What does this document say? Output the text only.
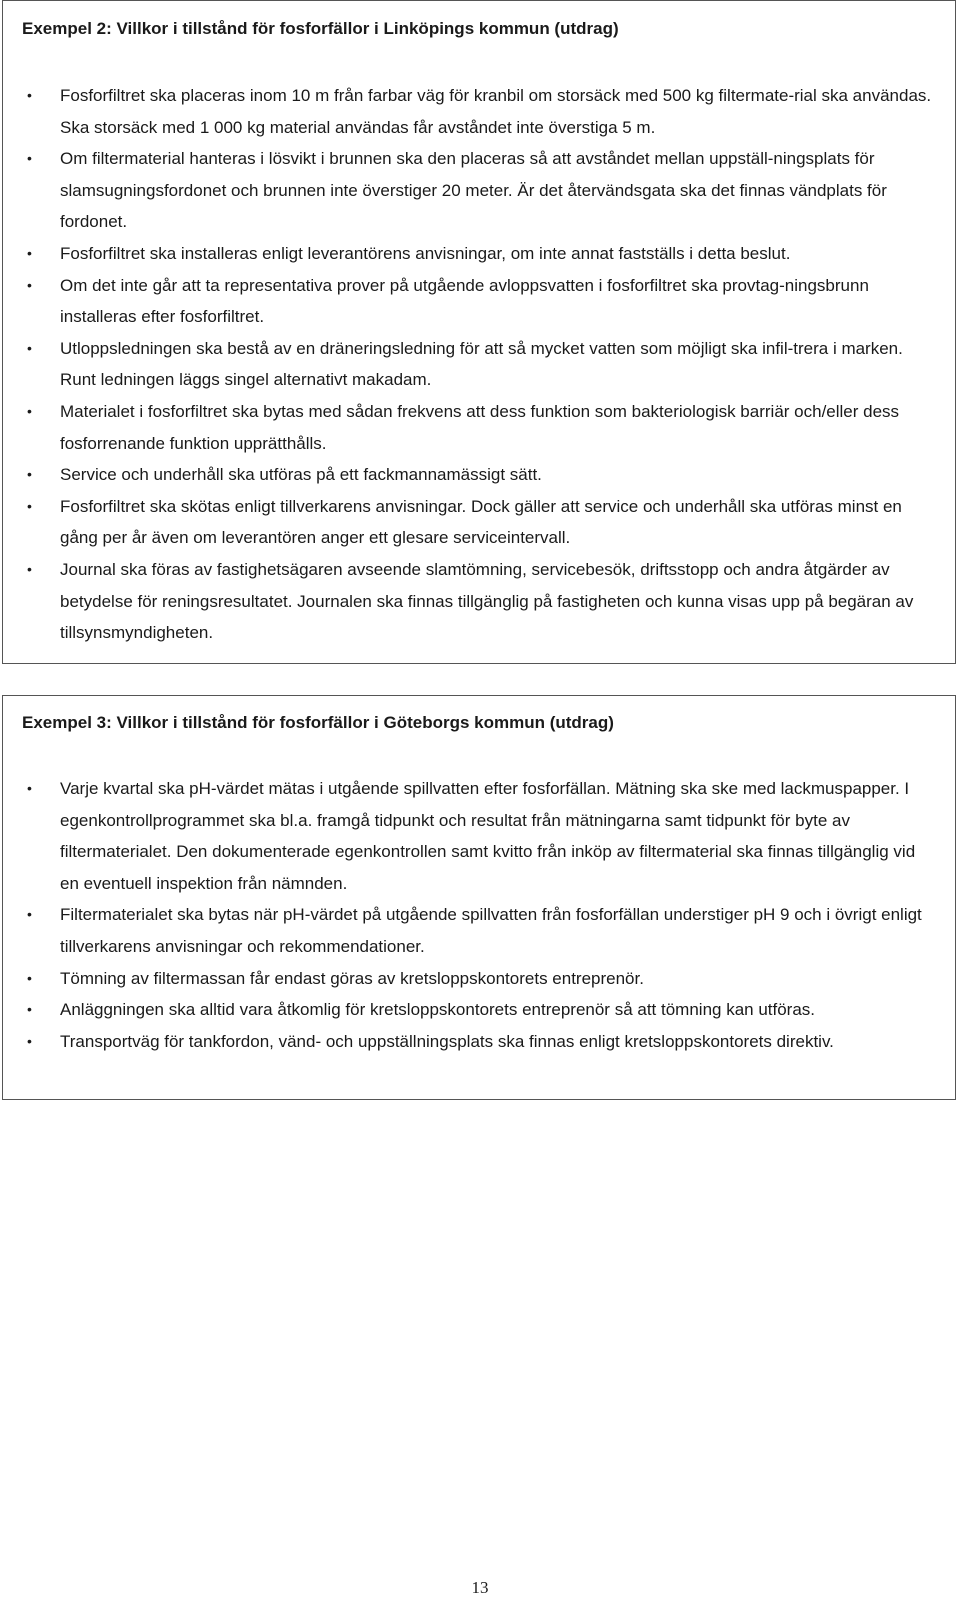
Exempel 2: Villkor i tillstånd för fosforfällor i Linköpings kommun (utdrag)
• Fosforfiltret ska placeras inom 10 m från farbar väg för kranbil om storsäck med 500 kg filtermate-rial ska användas. Ska storsäck med 1 000 kg material användas får avståndet inte överstiga 5 m.
• Om filtermaterial hanteras i lösvikt i brunnen ska den placeras så att avståndet mellan uppställ-ningsplats för slamsugningsfordonet och brunnen inte överstiger 20 meter. Är det återvändsgata ska det finnas vändplats för fordonet.
• Fosforfiltret ska installeras enligt leverantörens anvisningar, om inte annat fastställs i detta beslut.
• Om det inte går att ta representativa prover på utgående avloppsvatten i fosforfiltret ska provtag-ningsbrunn installeras efter fosforfiltret.
• Utloppsledningen ska bestå av en dräneringsledning för att så mycket vatten som möjligt ska infil-trera i marken. Runt ledningen läggs singel alternativt makadam.
• Materialet i fosforfiltret ska bytas med sådan frekvens att dess funktion som bakteriologisk barriär och/eller dess fosforrenande funktion upprätthålls.
• Service och underhåll ska utföras på ett fackmannamässigt sätt.
• Fosforfiltret ska skötas enligt tillverkarens anvisningar. Dock gäller att service och underhåll ska utföras minst en gång per år även om leverantören anger ett glesare serviceintervall.
• Journal ska föras av fastighetsägaren avseende slamtömning, servicebesök, driftsstopp och andra åtgärder av betydelse för reningsresultatet. Journalen ska finnas tillgänglig på fastigheten och kunna visas upp på begäran av tillsynsmyndigheten.
Exempel 3: Villkor i tillstånd för fosforfällor i Göteborgs kommun (utdrag)
• Varje kvartal ska pH-värdet mätas i utgående spillvatten efter fosforfällan. Mätning ska ske med lackmuspapper. I egenkontrollprogrammet ska bl.a. framgå tidpunkt och resultat från mätningarna samt tidpunkt för byte av filtermaterialet. Den dokumenterade egenkontrollen samt kvitto från inköp av filtermaterial ska finnas tillgänglig vid en eventuell inspektion från nämnden.
• Filtermaterialet ska bytas när pH-värdet på utgående spillvatten från fosforfällan understiger pH 9 och i övrigt enligt tillverkarens anvisningar och rekommendationer.
• Tömning av filtermassan får endast göras av kretsloppskontorets entreprenör.
• Anläggningen ska alltid vara åtkomlig för kretsloppskontorets entreprenör så att tömning kan utföras.
• Transportväg för tankfordon, vänd- och uppställningsplats ska finnas enligt kretsloppskontorets direktiv.
13
